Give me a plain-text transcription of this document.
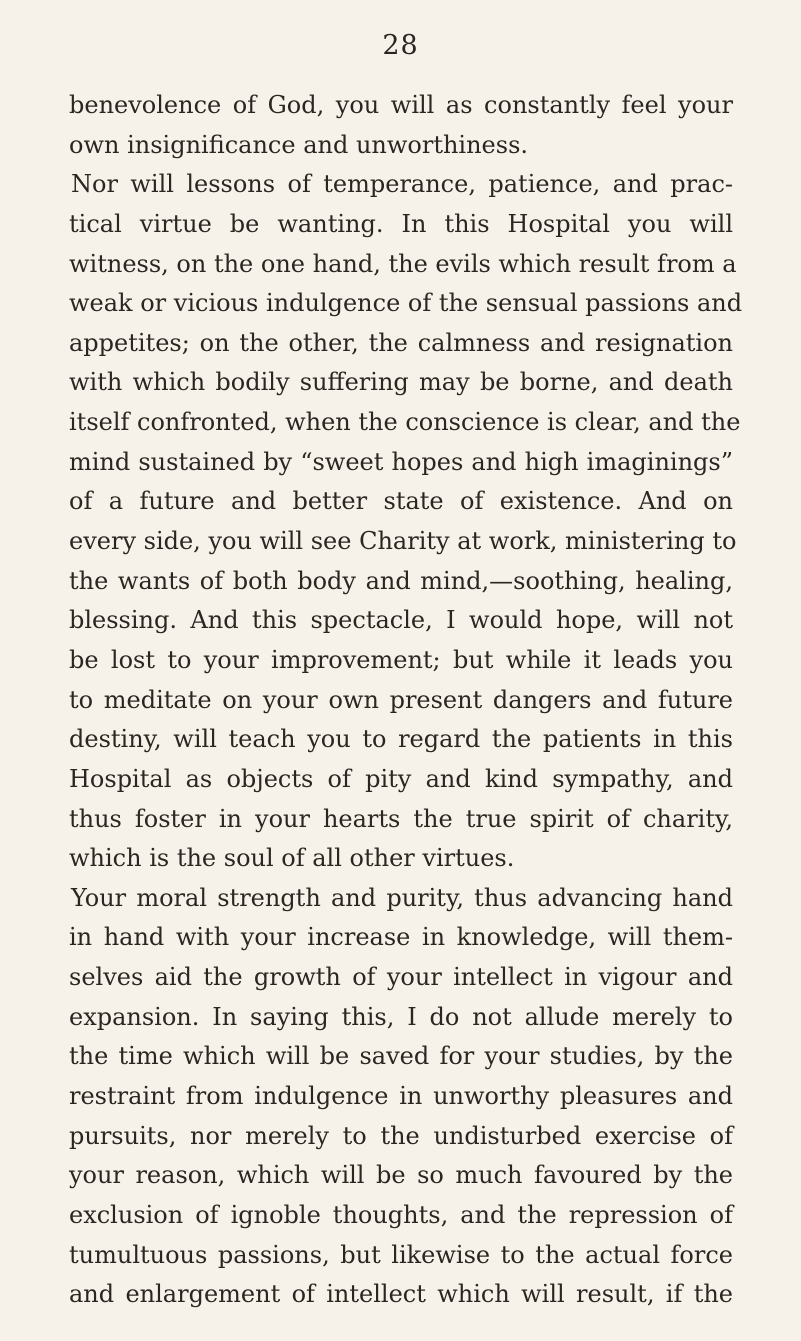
28
benevolence of God, you will as constantly feel your
own insignificance and unworthiness.
Nor will lessons of temperance, patience, and prac-
tical virtue be wanting. In this Hospital you will
witness, on the one hand, the evils which result from a
weak or vicious indulgence of the sensual passions and
appetites; on the other, the calmness and resignation
with which bodily suffering may be borne, and death
itself confronted, when the conscience is clear, and the
mind sustained by “sweet hopes and high imaginings”
of a future and better state of existence. And on
every side, you will see Charity at work, ministering to
the wants of both body and mind,—soothing, healing,
blessing. And this spectacle, I would hope, will not
be lost to your improvement; but while it leads you
to meditate on your own present dangers and future
destiny, will teach you to regard the patients in this
Hospital as objects of pity and kind sympathy, and
thus foster in your hearts the true spirit of charity,
which is the soul of all other virtues.
Your moral strength and purity, thus advancing hand
in hand with your increase in knowledge, will them-
selves aid the growth of your intellect in vigour and
expansion. In saying this, I do not allude merely to
the time which will be saved for your studies, by the
restraint from indulgence in unworthy pleasures and
pursuits, nor merely to the undisturbed exercise of
your reason, which will be so much favoured by the
exclusion of ignoble thoughts, and the repression of
tumultuous passions, but likewise to the actual force
and enlargement of intellect which will result, if the
